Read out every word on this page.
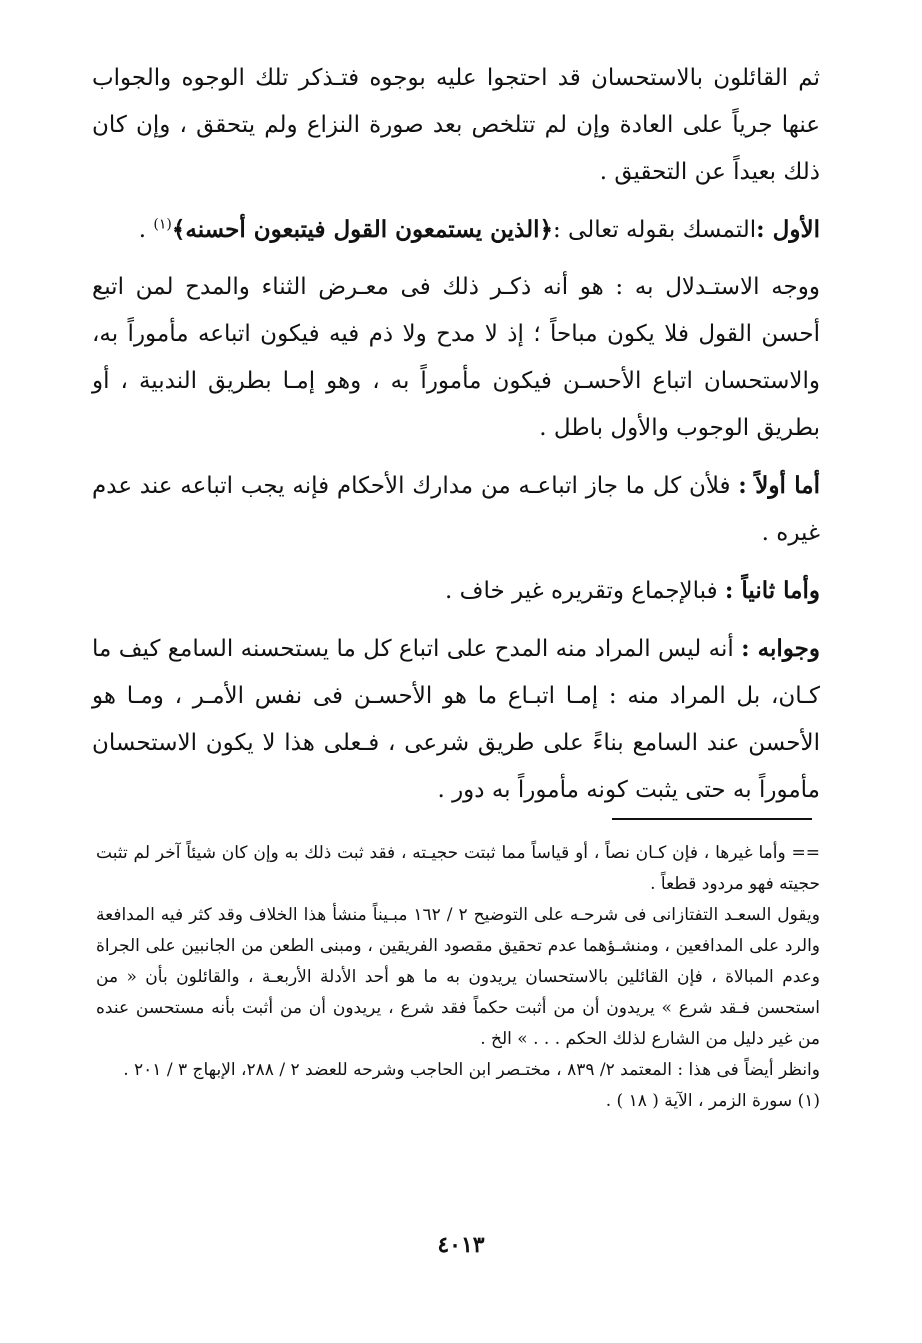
ثم القائلون بالاستحسان قد احتجوا عليه بوجوه فتـذكر تلك الوجوه والجواب عنها جرياً على العادة وإن لم تتلخص بعد صورة النزاع ولم يتحقق ، وإن كان ذلك بعيداً عن التحقيق .

الأول :التمسك بقوله تعالى :﴿الذين يستمعون القول فيتبعون أحسنه﴾$^{(١)}$ .

ووجه الاستـدلال به : هو أنه ذكـر ذلك فى معـرض الثناء والمدح لمن اتبع أحسن القول فلا يكون مباحاً ؛ إذ لا مدح ولا ذم فيه فيكون اتباعه مأموراً به، والاستحسان اتباع الأحسـن فيكون مأموراً به ، وهو إمـا بطريق الندبية ، أو بطريق الوجوب والأول باطل .

أما أولاً : فلأن كل ما جاز اتباعـه من مدارك الأحكام فإنه يجب اتباعه عند عدم غيره .

وأما ثانياً : فبالإجماع وتقريره غير خاف .

وجوابه : أنه ليس المراد منه المدح على اتباع كل ما يستحسنه السامع كيف ما كـان، بل المراد منه : إمـا اتبـاع ما هو الأحسـن فى نفس الأمـر ، ومـا هو الأحسن عند السامع بناءً على طريق شرعى ، فـعلى هذا لا يكون الاستحسان مأموراً به حتى يثبت كونه مأموراً به دور .

== وأما غيرها ، فإن كـان نصاً ، أو قياساً مما ثبتت حجيـته ، فقد ثبت ذلك به وإن كان شيئاً آخر لم تثبت حجيته فهو مردود قطعاً .

ويقول السعـد التفتازانى فى شرحـه على التوضيح ٢ / ١٦٢ مبـيناً منشأ هذا الخلاف وقد كثر فيه المدافعة والرد على المدافعين ، ومنشـؤهما عدم تحقيق مقصود الفريقين ، ومبنى الطعن من الجانبين على الجراة وعدم المبالاة ، فإن القائلين بالاستحسان يريدون به ما هو أحد الأدلة الأربعـة ، والقائلون بأن « من استحسن فـقد شرع » يريدون أن من أثبت حكماً فقد شرع ، يريدون أن من أثبت بأنه مستحسن عنده من غير دليل من الشارع لذلك الحكم . . . » الخ .

وانظر أيضاً فى هذا : المعتمد ٢/ ٨٣٩ ، مختـصر ابن الحاجب وشرحه للعضد ٢ / ٢٨٨، الإبهاج ٣ / ٢٠١ .

(١) سورة الزمر ، الآية ( ١٨ ) .

٤٠١٣
